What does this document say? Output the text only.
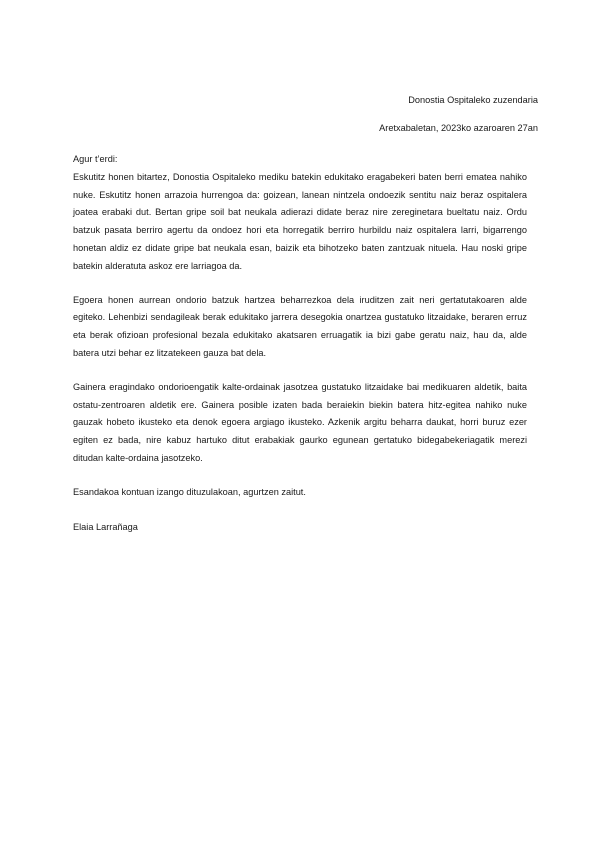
Donostia Ospitaleko zuzendaria
Aretxabaletan, 2023ko azaroaren 27an

Agur t’erdi:

Eskutitz honen bitartez, Donostia Ospitaleko mediku batekin edukitako eragabekeri baten berri ematea nahiko nuke. Eskutitz honen arrazoia hurrengoa da: goizean, lanean nintzela ondoezik sentitu naiz beraz ospitalera joatea erabaki dut. Bertan gripe soil bat neukala adierazi didate beraz nire zereginetara bueltatu naiz. Ordu batzuk pasata berriro agertu da ondoez hori eta horregatik berriro hurbildu naiz ospitalera larri, bigarrengo honetan aldiz ez didate gripe bat neukala esan, baizik eta bihotzeko baten zantzuak nituela. Hau noski gripe batekin alderatuta askoz ere larriagoa da.

Egoera honen aurrean ondorio batzuk hartzea beharrezkoa dela iruditzen zait neri gertatutakoaren alde egiteko. Lehenbizi sendagileak berak edukitako jarrera desegokia onartzea gustatuko litzaidake, beraren erruz eta berak ofizioan profesional bezala edukitako akatsaren erruagatik ia bizi gabe geratu naiz, hau da, alde batera utzi behar ez litzatekeen gauza bat dela.

Gainera eragindako ondorioengatik kalte-ordainak jasotzea gustatuko litzaidake bai medikuaren aldetik, baita ostatu-zentroaren aldetik ere. Gainera posible izaten bada beraiekin biekin batera hitz-egitea nahiko nuke gauzak hobeto ikusteko eta denok egoera argiago ikusteko. Azkenik argitu beharra daukat, horri buruz ezer egiten ez bada, nire kabuz hartuko ditut erabakiak gaurko egunean gertatuko bidegabekeriagatik merezi ditudan kalte-ordaina jasotzeko.

Esandakoa kontuan izango dituzulakoan, agurtzen zaitut.

Elaia Larrañaga
